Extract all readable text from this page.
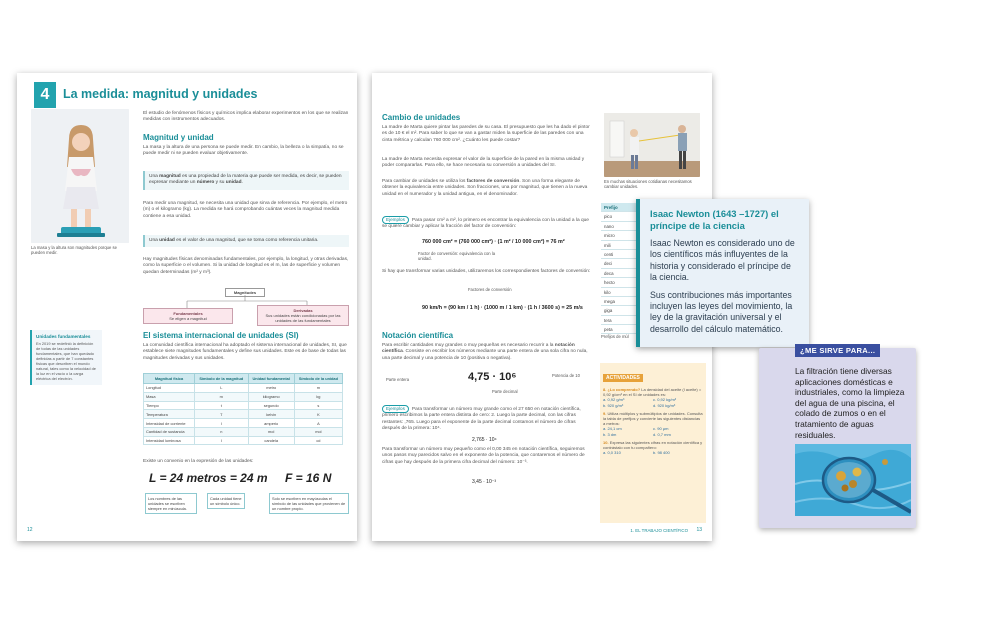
4	La medida: magnitud y unidades
La masa y la altura son magnitudes porque se pueden medir.
El estudio de fenómenos físicos y químicos implica elaborar experimentos en los que se realizan medidas con instrumentos adecuados.
Magnitud y unidad
La masa y la altura de una persona se puede medir. En cambio, la belleza o la simpatía, no se puede medir ni se pueden evaluar objetivamente.
Una magnitud es una propiedad de la materia que puede ser medida, es decir, se pueden expresar mediante un número y su unidad.
Para medir una magnitud, se necesita una unidad que sirva de referencia. Por ejemplo, el metro (m) o el kilogramo (kg). La medida se hará comprobando cuántas veces la magnitud medida contiene a esa unidad.
Una unidad es el valor de una magnitud, que se toma como referencia unitaria.
Hay magnitudes físicas denominadas fundamentales, por ejemplo, la longitud, y otras derivadas, como la superficie o el volumen. Si la unidad de longitud es el m, las de superficie y volumen quedan determinadas (m² y m³).
Magnitudes
Fundamentales
Se eligen a magnitud
Derivadas
Sus unidades están condicionadas por las unidades de las fundamentales
Unidades fundamentales
En 2019 se redefinió la definición de todas de las unidades fundamentales, que han quedado definidas a partir de 7 constantes físicas que describen el mundo natural, tales como la velocidad de la luz en el vacío o la carga eléctrica del electrón.
El sistema internacional de unidades (SI)
La comunidad científica internacional ha adoptado el sistema internacional de unidades, SI, que establece siete magnitudes fundamentales y define sus unidades. Este es de base de todas las magnitudes derivadas y sus unidades.
Magnitud física	Símbolo de la magnitud	Unidad fundamental	Símbolo de la unidad
Longitud	L	metro	m
Masa	m	kilogramo	kg
Tiempo	t	segundo	s
Temperatura	T	kelvin	K
Intensidad de corriente	I	amperio	A
Cantidad de sustancia	n	mol	mol
Intensidad luminosa	I	candela	cd
Existe un convenio en la expresión de las unidades:
L = 24 metros = 24 m F = 16 N
Los nombres de las unidades se escriben siempre en minúscula.
Cada unidad tiene un símbolo único.
Solo se escriben en mayúsculas el símbolo de las unidades que provienen de un nombre propio.
12
Cambio de unidades
La madre de Marta quiere pintar las paredes de su casa. El presupuesto que les ha dado el pintor es de 10 € el m². Para saber lo que se van a gastar miden la superficie de las paredes con una cinta métrica y calculan 760 000 cm². ¿Cuánto les puede costar?
La madre de Marta necesita expresar el valor de la superficie de la pared en la misma unidad y poder compararlas. Para ello, se hace necesaria su conversión a unidades del SI.
Para cambiar de unidades se utiliza los factores de conversión. Son una forma elegante de obtener la equivalencia entre unidades. Son fracciones, una por magnitud, que tienen a la nueva unidad en el numerador y la unidad antigua, en el denominador.
En muchas situaciones cotidianas necesitamos cambiar unidades.
Ejemplos Para pasar cm² a m², lo primero es encontrar la equivalencia con la unidad a la que se quiere cambiar y aplicar la fracción del factor de conversión:
760 000 cm² = (760 000 cm²) · (1 m² / 10 000 cm²) = 76 m²
Factor de conversión: equivalencia con la unidad.
Si hay que transformar varias unidades, utilizaremos los correspondientes factores de conversión:
Factores de conversión
90 km/h = (90 km / 1 h) · (1000 m / 1 km) · (1 h / 3600 s) = 25 m/s
Notación científica
Para escribir cantidades muy grandes o muy pequeñas es necesario recurrir a la notación científica. Consiste en escribir los números mediante una parte entera de una sola cifra no nula, una parte decimal y una potencia de 10 (positiva o negativa).
Parte entera	4,75 · 10⁶	Potencia de 10
Parte decimal
Ejemplos Para transformar un número muy grande como el 27 650 en notación científica, primero escribimos la parte entera distinta de cero: 2. Luego la parte decimal, con las cifras restantes: ,765. Luego para el exponente de la parte decimal contamos el número de cifras después de la primera: 10⁴.
2,765 · 10⁴
Para transformar un número muy pequeño como el 0,00 345 en notación científica, seguiremos unos pasos muy parecidos salvo en el exponente de la potencia, que contaremos el número de cifras que hay después de la primera cifra decimal del número: 10⁻³.
3,45 · 10⁻³
ACTIVIDADES
8. ¿Lo comprendo? La densidad del aceite (l aceite) = 0,92 g/cm³ en el SI de unidades es:
a. 0,92 g/m³	c. 0,92 kg/m³
b. 920 g/m³	d. 920 kg/m³
9. Utiliza múltiplos y submúltiplos de unidades. Consulta la tabla de prefijos y convierte las siguientes distancias a metros:
a. 24,1 cm	c. 90 µm
b. 3 dm	d. 0,7 mm
10. Expresa las siguientes cifras en notación científica y contrástalo con tu compañero:
a. 0,0 310	b. 98 400
1. EL TRABAJO CIENTÍFICO 13
Prefijo
pico
nano
micro
mili
centi
deci
deca
hecto
kilo
mega
giga
tera
peta
Prefijos de múl
Isaac Newton (1643 –1727) el príncipe de la ciencia

Isaac Newton es considerado uno de los científicos más influyentes de la historia y considerado el príncipe de la ciencia.

Sus contribuciones más importantes incluyen las leyes del movimiento, la ley de la gravitación universal y el desarrollo del cálculo matemático.

¿ME SIRVE PARA...

La filtración tiene diversas aplicaciones domésticas e industriales, como la limpieza del agua de una piscina, el colado de zumos o en el tratamiento de aguas residuales.
